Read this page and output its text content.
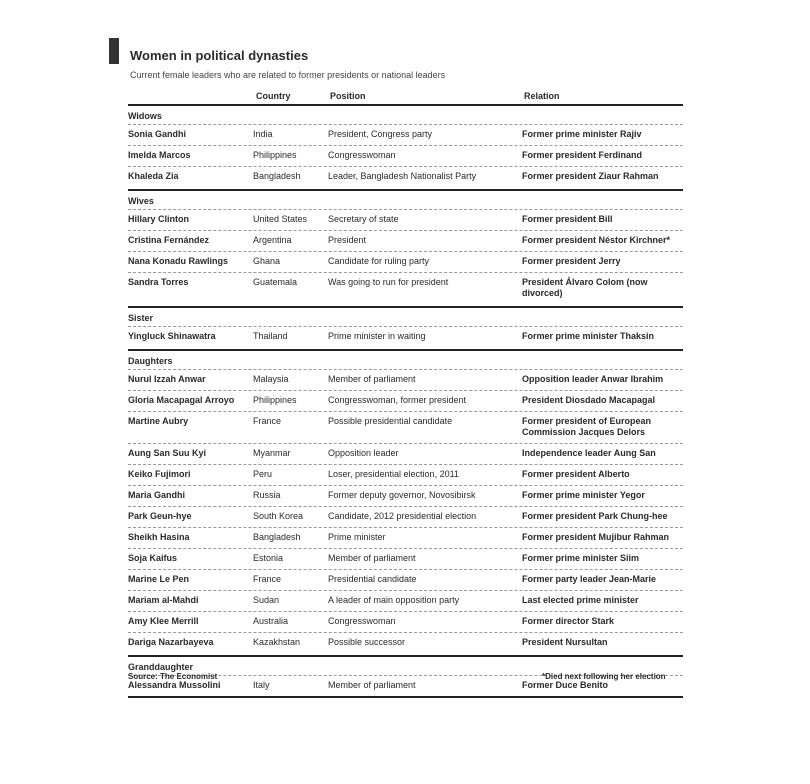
Women in political dynasties
Current female leaders who are related to former presidents or national leaders
Country	Position	Relation
Widows
Sonia Gandhi	India	President, Congress party	Former prime minister Rajiv
Imelda Marcos	Philippines	Congresswoman	Former president Ferdinand
Khaleda Zia	Bangladesh	Leader, Bangladesh Nationalist Party	Former president Ziaur Rahman
Wives
Hillary Clinton	United States	Secretary of state	Former president Bill
Cristina Fernández	Argentina	President	Former president Néstor Kirchner*
Nana Konadu Rawlings	Ghana	Candidate for ruling party	Former president Jerry
Sandra Torres	Guatemala	Was going to run for president	President Álvaro Colom (now divorced)
Sister
Yingluck Shinawatra	Thailand	Prime minister in waiting	Former prime minister Thaksin
Daughters
Nurul Izzah Anwar	Malaysia	Member of parliament	Opposition leader Anwar Ibrahim
Gloria Macapagal Arroyo	Philippines	Congresswoman, former president	President Diosdado Macapagal
Martine Aubry	France	Possible presidential candidate	Former president of European Commission Jacques Delors
Aung San Suu Kyi	Myanmar	Opposition leader	Independence leader Aung San
Keiko Fujimori	Peru	Loser, presidential election, 2011	Former president Alberto
Maria Gandhi	Russia	Former deputy governor, Novosibirsk	Former prime minister Yegor
Park Geun-hye	South Korea	Candidate, 2012 presidential election	Former president Park Chung-hee
Sheikh Hasina	Bangladesh	Prime minister	Former president Mujibur Rahman
Soja Kaifus	Estonia	Member of parliament	Former prime minister Siim
Marine Le Pen	France	Presidential candidate	Former party leader Jean-Marie
Mariam al-Mahdi	Sudan	A leader of main opposition party	Last elected prime minister
Amy Klee Merrill	Australia	Congresswoman	Former director Stark
Dariga Nazarbayeva	Kazakhstan	Possible successor	President Nursultan
Granddaughter
Alessandra Mussolini	Italy	Member of parliament	Former Duce Benito
Source: The Economist	*Died next following her election
